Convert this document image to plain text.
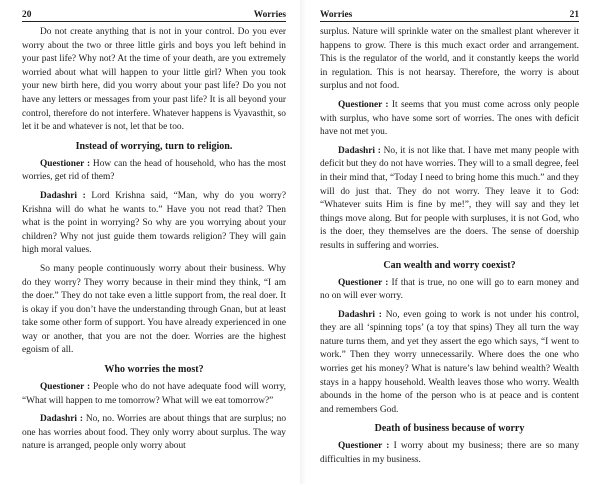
20	Worries

Do not create anything that is not in your control. Do you ever worry about the two or three little girls and boys you left behind in your past life? Why not? At the time of your death, are you extremely worried about what will happen to your little girl? When you took your new birth here, did you worry about your past life? Do you not have any letters or messages from your past life? It is all beyond your control, therefore do not interfere. Whatever happens is Vyavasthit, so let it be and whatever is not, let that be too.

Instead of worrying, turn to religion.

Questioner : How can the head of household, who has the most worries, get rid of them?

Dadashri : Lord Krishna said, “Man, why do you worry? Krishna will do what he wants to.” Have you not read that? Then what is the point in worrying? So why are you worrying about your children? Why not just guide them towards religion? They will gain high moral values.

So many people continuously worry about their business. Why do they worry? They worry because in their mind they think, “I am the doer.” They do not take even a little support from, the real doer. It is okay if you don’t have the understanding through Gnan, but at least take some other form of support. You have already experienced in one way or another, that you are not the doer. Worries are the highest egoism of all.

Who worries the most?

Questioner : People who do not have adequate food will worry, “What will happen to me tomorrow? What will we eat tomorrow?”

Dadashri : No, no. Worries are about things that are surplus; no one has worries about food. They only worry about surplus. The way nature is arranged, people only worry about

Worries	21

surplus. Nature will sprinkle water on the smallest plant wherever it happens to grow. There is this much exact order and arrangement. This is the regulator of the world, and it constantly keeps the world in regulation. This is not hearsay. Therefore, the worry is about surplus and not food.

Questioner : It seems that you must come across only people with surplus, who have some sort of worries. The ones with deficit have not met you.

Dadashri : No, it is not like that. I have met many people with deficit but they do not have worries. They will to a small degree, feel in their mind that, “Today I need to bring home this much.” and they will do just that. They do not worry. They leave it to God: “Whatever suits Him is fine by me!”, they will say and they let things move along. But for people with surpluses, it is not God, who is the doer, they themselves are the doers. The sense of doership results in suffering and worries.

Can wealth and worry coexist?

Questioner : If that is true, no one will go to earn money and no on will ever worry.

Dadashri : No, even going to work is not under his control, they are all ‘spinning tops’ (a toy that spins) They all turn the way nature turns them, and yet they assert the ego which says, “I went to work.” Then they worry unnecessarily. Where does the one who worries get his money? What is nature’s law behind wealth? Wealth stays in a happy household. Wealth leaves those who worry. Wealth abounds in the home of the person who is at peace and is content and remembers God.

Death of business because of worry

Questioner : I worry about my business; there are so many difficulties in my business.
